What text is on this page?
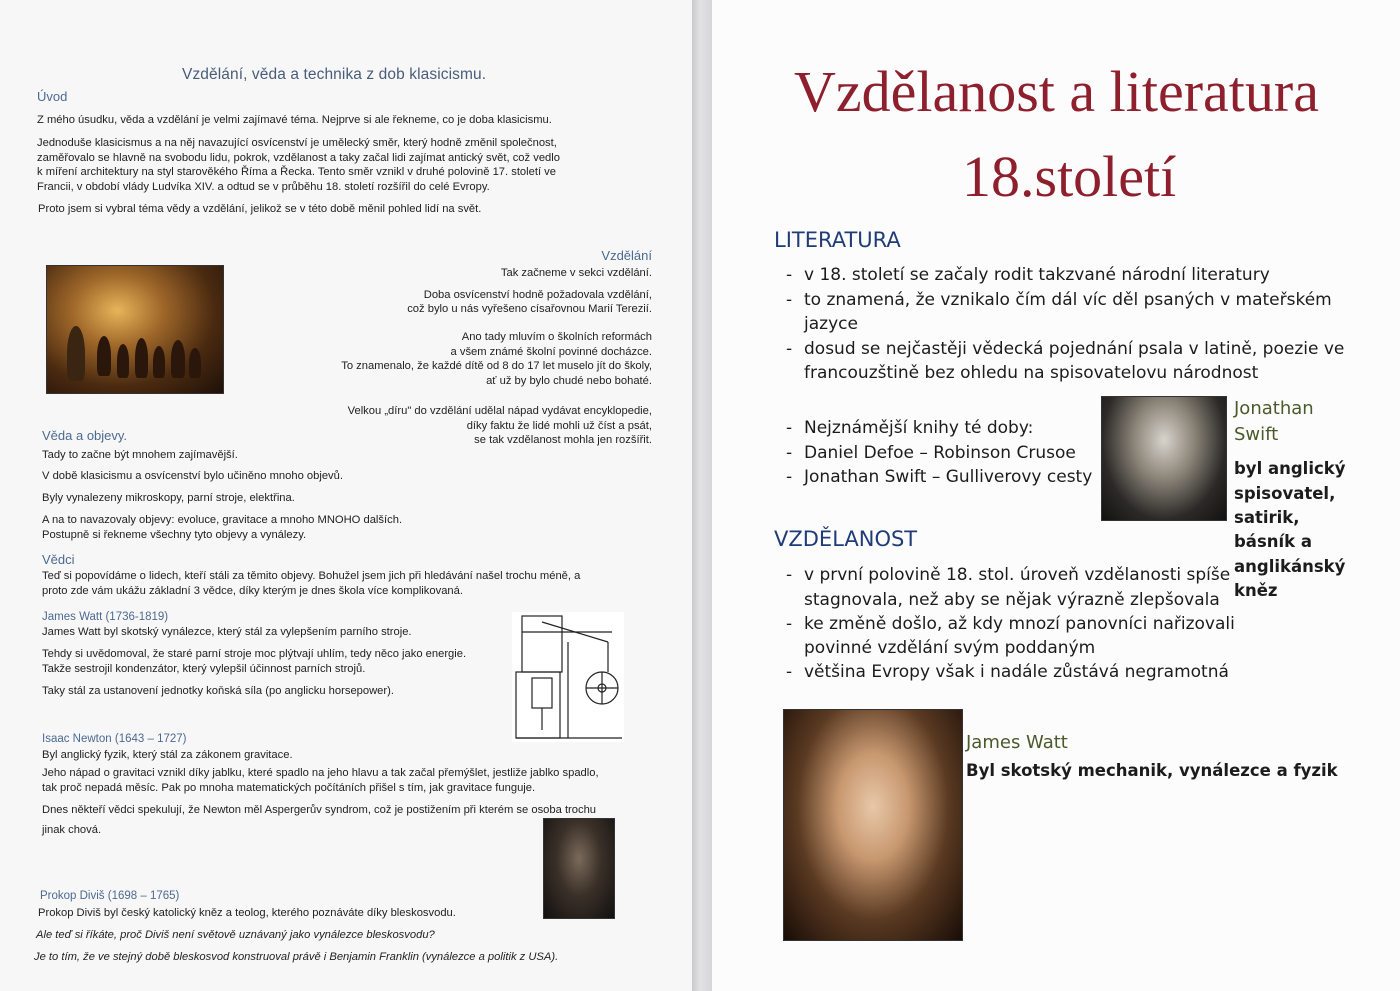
Vzdělání, věda a technika z dob klasicismu.
Úvod
Z mého úsudku, věda a vzdělání je velmi zajímavé téma. Nejprve si ale řekneme, co je doba klasicismu.
Jednoduše klasicismus a na něj navazující osvícenství je umělecký směr, který hodně změnil společnost,
zaměřovalo se hlavně na svobodu lidu, pokrok, vzdělanost a taky začal lidi zajímat antický svět, což vedlo
k míření architektury na styl starověkého Říma a Řecka. Tento směr vznikl v druhé polovině 17. století ve
Francii, v období vlády Ludvíka XIV. a odtud se v průběhu 18. století rozšířil do celé Evropy.
Proto jsem si vybral téma vědy a vzdělání, jelikož se v této době měnil pohled lidí na svět.
Vzdělání
Tak začneme v sekci vzdělání.
Doba osvícenství hodně požadovala vzdělání,
což bylo u nás vyřešeno císařovnou Marií Terezií.
Ano tady mluvím o školních reformách
a všem známé školní povinné docházce.
To znamenalo, že každé dítě od 8 do 17 let muselo jít do školy,
ať už by bylo chudé nebo bohaté.
Velkou „díru" do vzdělání udělal nápad vydávat encyklopedie,
díky faktu že lidé mohli už číst a psát,
se tak vzdělanost mohla jen rozšířit.
Věda a objevy.
Tady to začne být mnohem zajímavější.
V době klasicismu a osvícenství bylo učiněno mnoho objevů.
Byly vynalezeny mikroskopy, parní stroje, elektřina.
A na to navazovaly objevy: evoluce, gravitace a mnoho MNOHO dalších.
Postupně si řekneme všechny tyto objevy a vynálezy.
Vědci
Teď si popovídáme o lidech, kteří stáli za těmito objevy. Bohužel jsem jich při hledávání našel trochu méně, a
proto zde vám ukážu základní 3 vědce, díky kterým je dnes škola více komplikovaná.
James Watt (1736-1819)
James Watt byl skotský vynálezce, který stál za vylepšením parního stroje.
Tehdy si uvědomoval, že staré parní stroje moc plýtvají uhlím, tedy něco jako energie.
Takže sestrojil kondenzátor, který vylepšil účinnost parních strojů.
Taky stál za ustanovení jednotky koňská síla (po anglicku horsepower).
Isaac Newton (1643 – 1727)
Byl anglický fyzik, který stál za zákonem gravitace.
Jeho nápad o gravitaci vznikl díky jablku, které spadlo na jeho hlavu a tak začal přemýšlet, jestliže jablko spadlo,
tak proč nepadá měsíc. Pak po mnoha matematických počítáních přišel s tím, jak gravitace funguje.
Dnes někteří vědci spekulují, že Newton měl Aspergerův syndrom, což je postižením při kterém se osoba trochu
jinak chová.
Prokop Diviš (1698 – 1765)
Prokop Diviš byl český katolický kněz a teolog, kterého poznáváte díky bleskosvodu.
Ale teď si říkáte, proč Diviš není světově uznávaný jako vynálezce bleskosvodu?
Je to tím, že ve stejný době bleskosvod konstruoval právě i Benjamin Franklin (vynálezce a politik z USA).
Vzdělanost a literatura
18.století
LITERATURA
- v 18. století se začaly rodit takzvané národní literatury
- to znamená, že vznikalo čím dál víc děl psaných v mateřském
jazyce
- dosud se nejčastěji vědecká pojednání psala v latině, poezie ve
francouzštině bez ohledu na spisovatelovu národnost
- Nejznámější knihy té doby:
- Daniel Defoe – Robinson Crusoe
- Jonathan Swift – Gulliverovy cesty
Jonathan
Swift
byl anglický
spisovatel,
satirik,
básník a
anglikánský
kněz
VZDĚLANOST
- v první polovině 18. stol. úroveň vzdělanosti spíše
stagnovala, než aby se nějak výrazně zlepšovala
- ke změně došlo, až kdy mnozí panovníci nařizovali
povinné vzdělání svým poddaným
- většina Evropy však i nadále zůstává negramotná
James Watt
Byl skotský mechanik, vynálezce a fyzik
